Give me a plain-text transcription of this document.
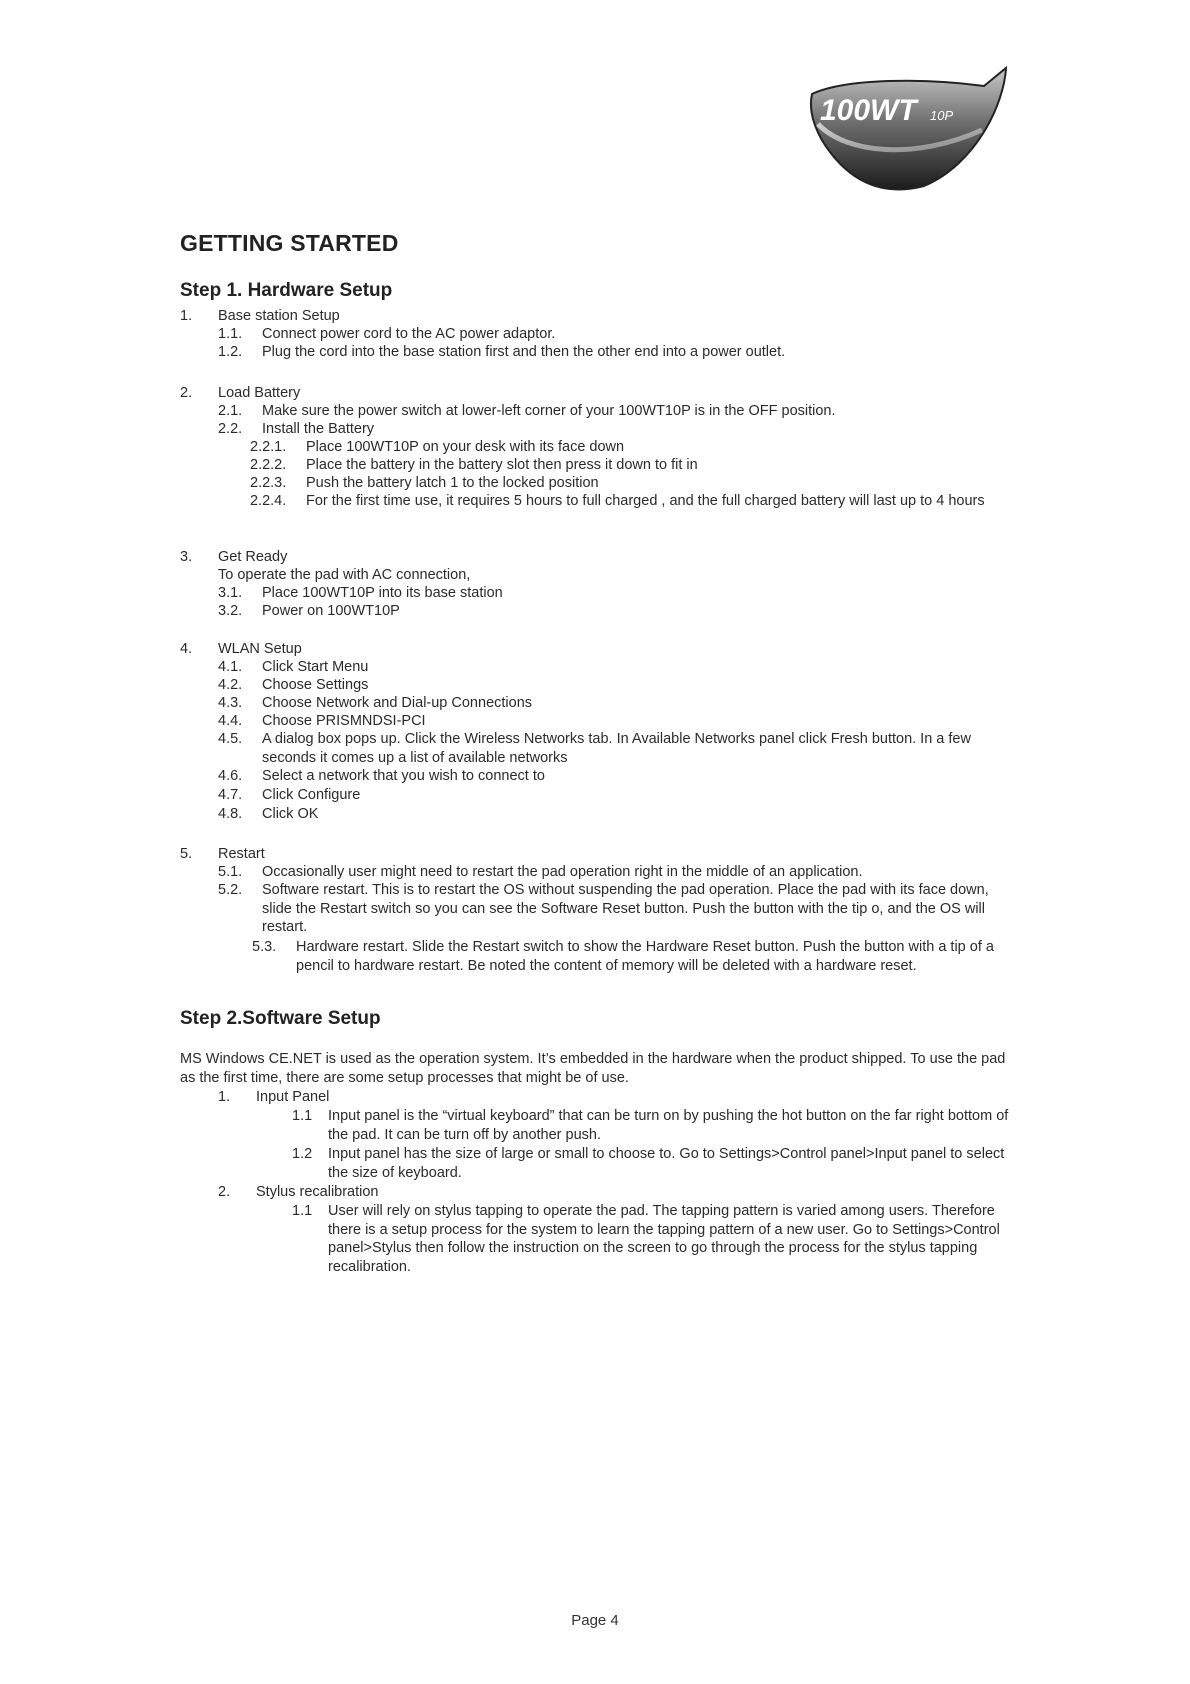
100WT 10P
GETTING STARTED
Step 1. Hardware Setup
1.	Base station Setup
1.1.	Connect power cord to the AC power adaptor.
1.2.	Plug the cord into the base station first and then the other end into a power outlet.
2.	Load Battery
2.1.	Make sure the power switch at lower-left corner of your 100WT10P is in the OFF position.
2.2.	Install the Battery
2.2.1.	Place 100WT10P on your desk with its face down
2.2.2.	Place the battery in the battery slot then press it down to fit in
2.2.3.	Push the battery latch 1 to the locked position
2.2.4.	For the first time use, it requires 5 hours to full charged , and the full charged battery will last up to 4 hours
3.	Get Ready
To operate the pad with AC connection,
3.1.	Place 100WT10P into its base station
3.2.	Power on 100WT10P
4.	WLAN Setup
4.1.	Click Start Menu
4.2.	Choose Settings
4.3.	Choose Network and Dial-up Connections
4.4.	Choose PRISMNDSI-PCI
4.5.	A dialog box pops up. Click the Wireless Networks tab. In Available Networks panel click Fresh button. In a few seconds it comes up a list of available networks
4.6.	Select a network that you wish to connect to
4.7.	Click Configure
4.8.	Click OK
5.	Restart
5.1.	Occasionally user might need to restart the pad operation right in the middle of an application.
5.2.	Software restart. This is to restart the OS without suspending the pad operation. Place the pad with its face down, slide the Restart switch so you can see the Software Reset button. Push the button with the tip o, and the OS will restart.
5.3.	Hardware restart. Slide the Restart switch to show the Hardware Reset button. Push the button with a tip of a pencil to hardware restart. Be noted the content of memory will be deleted with a hardware reset.
Step 2.Software Setup
MS Windows CE.NET is used as the operation system. It’s embedded in the hardware when the product shipped. To use the pad as the first time, there are some setup processes that might be of use.
1.	Input Panel
1.1	Input panel is the “virtual keyboard” that can be turn on by pushing the hot button on the far right bottom of the pad. It can be turn off by another push.
1.2	Input panel has the size of large or small to choose to. Go to Settings>Control panel>Input panel to select the size of keyboard.
2.	Stylus recalibration
1.1	User will rely on stylus tapping to operate the pad. The tapping pattern is varied among users. Therefore there is a setup process for the system to learn the tapping pattern of a new user. Go to Settings>Control panel>Stylus then follow the instruction on the screen to go through the process for the stylus tapping recalibration.
Page 4
